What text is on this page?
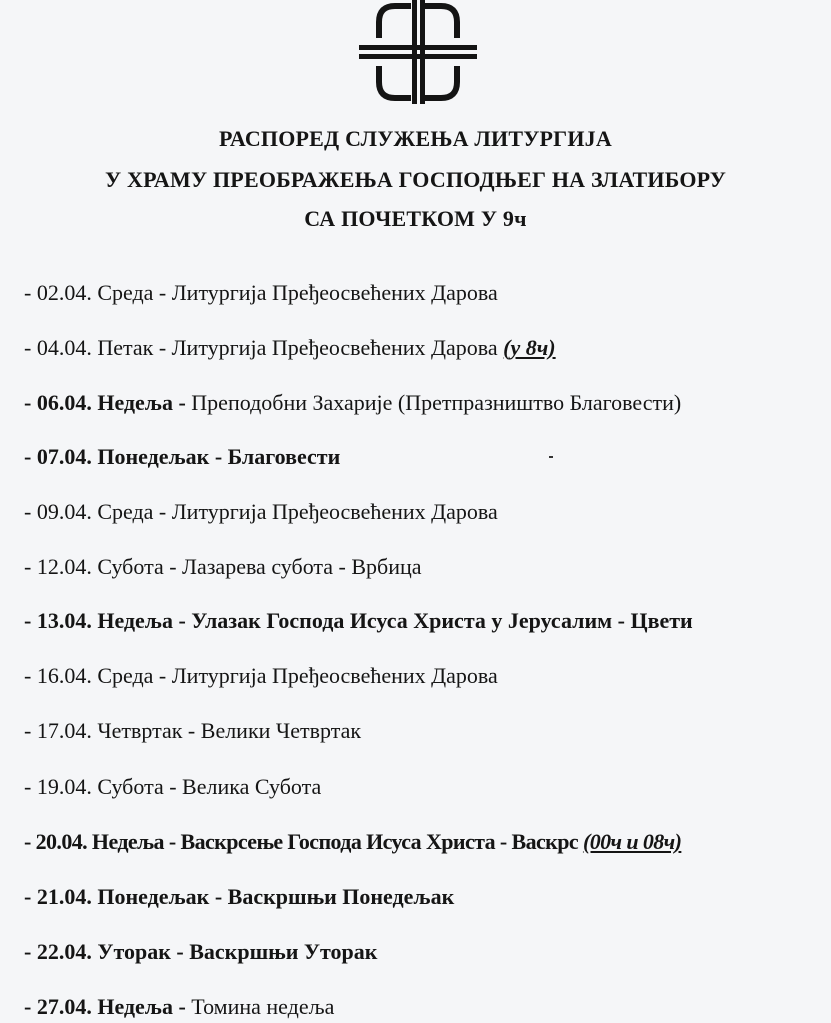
РАСПОРЕД СЛУЖЕЊА ЛИТУРГИЈА
У ХРАМУ ПРЕОБРАЖЕЊА ГОСПОДЊЕГ НА ЗЛАТИБОРУ
СА ПОЧЕТКОМ У 9ч
- 02.04. Среда - Литургија Пређеосвећених Дарова
- 04.04. Петак - Литургија Пређеосвећених Дарова (у 8ч)
- 06.04. Недеља - Преподобни Захарије (Претпразништво Благовести)
- 07.04. Понедељак - Благовести
- 09.04. Среда - Литургија Пређеосвећених Дарова
- 12.04. Субота - Лазарева субота - Врбица
- 13.04. Недеља - Улазак Господа Исуса Христа у Јерусалим - Цвети
- 16.04. Среда - Литургија Пређеосвећених Дарова
- 17.04. Четвртак - Велики Четвртак
- 19.04. Субота - Велика Субота
- 20.04. Недеља - Васкрсење Господа Исуса Христа - Васкрс (00ч и 08ч)
- 21.04. Понедељак - Васкршњи Понедељак
- 22.04. Уторак - Васкршњи Уторак
- 27.04. Недеља - Томина недеља
